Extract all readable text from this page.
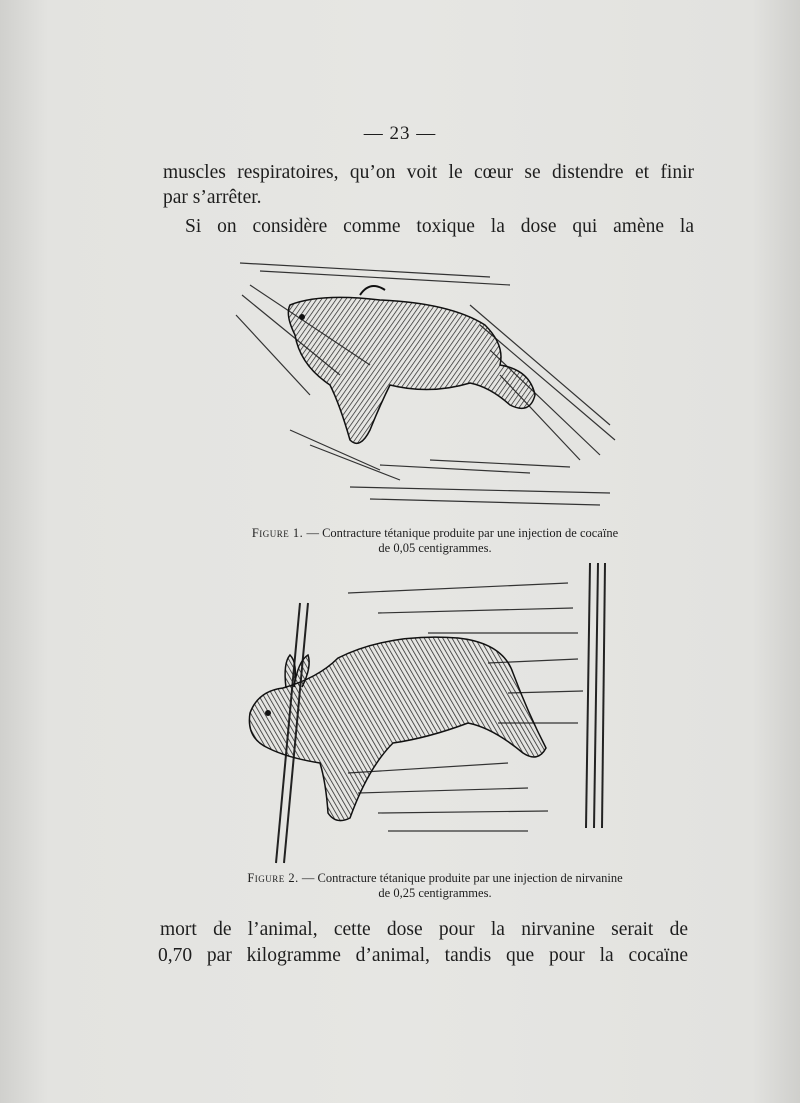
— 23 —

muscles respiratoires, qu’on voit le cœur se distendre et finir

par s’arrêter.

Si on considère comme toxique la dose qui amène la

Figure 1. — Contracture tétanique produite par une injection de cocaïne
de 0,05 centigrammes.
Figure 2. — Contracture tétanique produite par une injection de nirvanine
de 0,25 centigrammes.

mort de l’animal, cette dose pour la nirvanine serait de

0,70 par kilogramme d’animal, tandis que pour la cocaïne
